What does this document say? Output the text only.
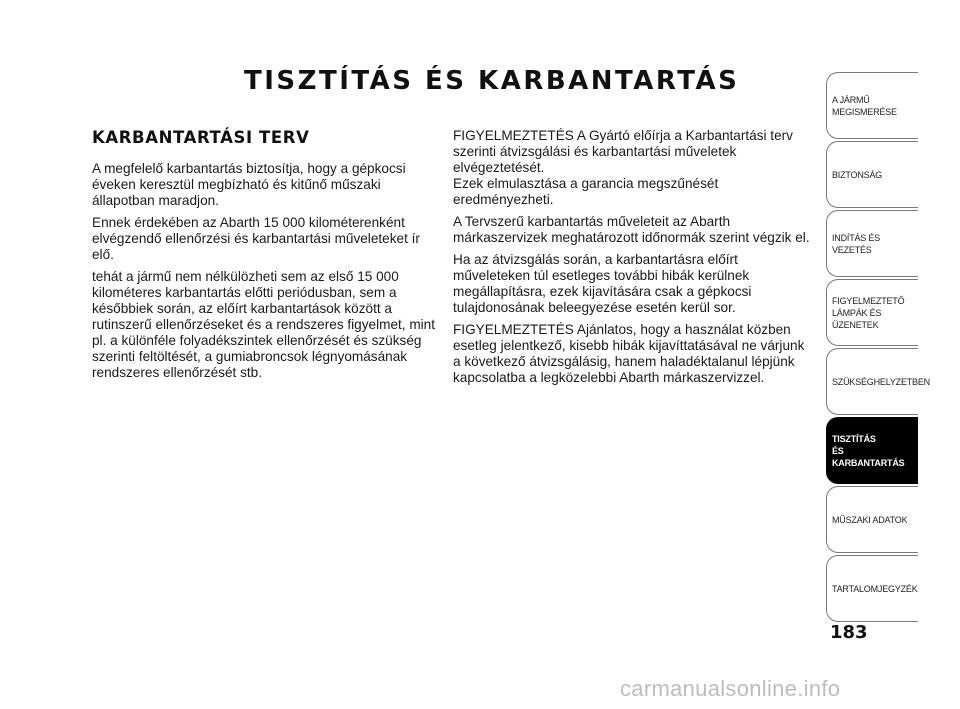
TISZTÍTÁS ÉS KARBANTARTÁS
KARBANTARTÁSI TERV

A megfelelő karbantartás biztosítja, hogy a gépkocsi éveken keresztül megbízható és kitűnő műszaki állapotban maradjon.

Ennek érdekében az Abarth 15 000 kilométerenként elvégzendő ellenőrzési és karbantartási műveleteket ír elő.

tehát a jármű nem nélkülözheti sem az első 15 000 kilométeres karbantartás előtti periódusban, sem a későbbiek során, az előírt karbantartások között a rutinszerű ellenőrzéseket és a rendszeres figyelmet, mint pl. a különféle folyadékszintek ellenőrzését és szükség szerinti feltöltését, a gumiabroncsok légnyomásának rendszeres ellenőrzését stb.

FIGYELMEZTETÉS A Gyártó előírja a Karbantartási terv szerinti átvizsgálási és karbantartási műveletek elvégeztetését.
Ezek elmulasztása a garancia megszűnését eredményezheti.

A Tervszerű karbantartás műveleteit az Abarth márkaszervizek meghatározott időnormák szerint végzik el.

Ha az átvizsgálás során, a karbantartásra előírt műveleteken túl esetleges további hibák kerülnek megállapításra, ezek kijavítására csak a gépkocsi tulajdonosának beleegyezése esetén kerül sor.

FIGYELMEZTETÉS Ajánlatos, hogy a használat közben esetleg jelentkező, kisebb hibák kijavíttatásával ne várjunk a következő átvizsgálásig, hanem haladéktalanul lépjünk kapcsolatba a legközelebbi Abarth márkaszervizzel.

A JÁRMŰ
MEGISMERÉSE
BIZTONSÁG
INDÍTÁS ÉS VEZETÉS
FIGYELMEZTETŐ
LÁMPÁK ÉS ÜZENETEK
SZÜKSÉGHELYZETBEN
TISZTÍTÁS
ÉS KARBANTARTÁS
MŰSZAKI ADATOK
TARTALOMJEGYZÉK
183
carmanualsonline.info
